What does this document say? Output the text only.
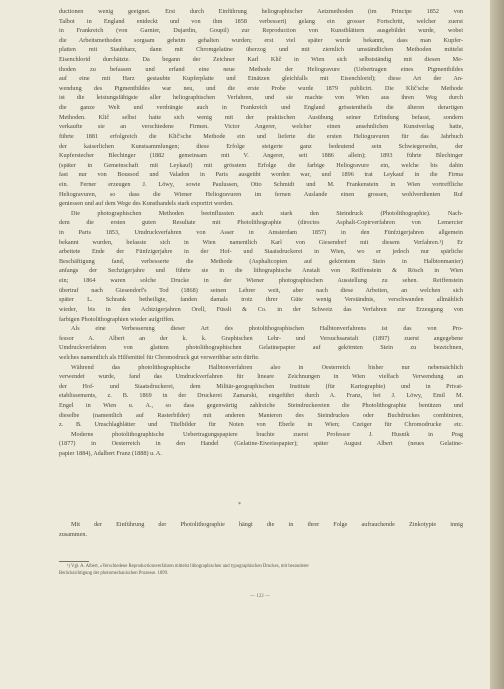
ductionen wenig geeignet. Erst durch Einführung heliographischer Aetzmethoden (im Principe 1852 von
Talbot in England entdeckt und von ihm 1858 verbessert) gelang ein grosser Fortschritt, welcher zuerst
in Frankreich (von Garnier, Dujardin, Goupil) zur Reproduction von Kunstblättern ausgebildet wurde, wobei
die Arbeitsmethoden sorgsam geheim gehalten wurden; erst viel später wurde bekannt, dass man Kupfer-
platten mit Staubharz, dann mit Chromgelatine überzog und mit ziemlich umständlichen Methoden mittelst
Eisenchlorid durchätzte. Da begann der Zeichner Karl Klič in Wien sich selbstständig mit diesen Me-
thoden zu befassen und erfand eine neue Methode der Heliogravure (Uebertragen eines Pigmentbildes
auf eine mit Harz gestaubte Kupferplatte und Einätzen gleichfalls mit Eisenchlorid); diese Art der An-
wendung des Pigmentbildes war neu, und die erste Probe wurde 1879 publicirt. Die Klič'sche Methode
ist die leistungsfähigste aller heliographischen Verfahren, und sie machte von Wien aus ihren Weg durch
die ganze Welt und verdrängte auch in Frankreich und England grösstentheils die älteren derartigen
Methoden. Klič selbst hatte sich wenig mit der praktischen Ausübung seiner Erfindung befasst, sondern
verkaufte sie an verschiedene Firmen. Victor Angerer, welcher einen ansehnlichen Kunstverlag hatte,
führte 1881 erfolgreich die Klič'sche Methode ein und lieferte die ersten Heliogravuren für das Jahrbuch
der kaiserlichen Kunstsammlungen; diese Erfolge steigerte ganz bedeutend sein Schwiegersohn, der
Kupferstecher Blechinger (1882 gemeinsam mit V. Angerer, seit 1886 allein); 1893 führte Blechinger
(später in Gemeinschaft mit Leykauf) mit grösstem Erfolge die farbige Heliogravure ein, welche bis dahin
fast nur von Boussod und Valadon in Paris ausgeübt worden war, und 1896 trat Leykauf in die Firma
ein. Ferner erzeugen J. Löwy, sowie Paulussen, Otto Schmidt und M. Frankenstein in Wien vortreffliche
Heliogravuren, so dass die Wiener Heliogravuren im fernen Auslande einen grossen, wohlverdienten Ruf
geniessen und auf dem Wege des Kunsthandels stark exportirt werden.
Die photographischen Methoden beeinflussten auch stark den Steindruck (Photolithographie). Nach-
dem die ersten guten Resultate mit Photolithographie (directes Asphalt-Copirverfahren von Lemercier
in Paris 1853, Umdruckverfahren von Asser in Amsterdam 1857) in den Fünfzigerjahren allgemein
bekannt wurden, befasste sich in Wien namentlich Karl von Giesendorf mit diesem Verfahren.¹) Er
arbeitete Ende der Fünfzigerjahre in der Hof- und Staatsdruckerei in Wien, wo er jedoch nur spärliche
Beschäftigung fand, verbesserte die Methode (Asphaltcopien auf gekörntem Stein in Halbtonmanier)
anfangs der Sechzigerjahre und führte sie in die lithographische Anstalt von Reiffenstein & Rösch in Wien
ein; 1864 waren solche Drucke in der Wiener photographischen Ausstellung zu sehen. Reiffenstein
übertraf nach Giesendorf's Tod (1868) seinen Lehrer weit, aber nach diese Arbeiten, an welchen sich
später L. Schrank betheiligte, fanden damals trotz ihrer Güte wenig Verständnis, verschwanden allmählich
wieder, bis in den Achtzigerjahren Orell, Füssli & Co. in der Schweiz das Verfahren zur Erzeugung von
farbigen Photolithographien wieder aufgriffen.
Als eine Verbesserung dieser Art des photolithographischen Halbtonverfahrens ist das von Pro-
fessor A. Albert an der k. k. Graphischen Lehr- und Versuchsanstalt (1897) zuerst angegebene
Umdruckverfahren von glattem photolithographischen Gelatinepapier auf gekörnten Stein zu bezeichnen,
welches namentlich als Hilfsmittel für Chromodruck gut verwerthbar sein dürfte.
Während das photolithographische Halbtonverfahren also in Oesterreich bisher nur nebensächlich
verwendet wurde, fand das Umdruckverfahren für lineare Zeichnungen in Wien vielfach Verwendung an
der Hof- und Staatsdruckerei, dem Militär-geographischen Institute (für Kartographie) und in Privat-
etablissements, z. B. 1869 in der Druckerei Zamarski, eingeführt durch A. Franz, bei J. Löwy, Emil M.
Engel in Wien u. A., so dass gegenwärtig zahlreiche Steindruckereien die Photolithographie benützen und
dieselbe (namentlich auf Rasterbilder) mit anderen Manieren des Steindruckes oder Buchdruckes combiniren,
z. B. Umschlagblätter und Titelbilder für Noten von Eberle in Wien; Czeiger für Chromodrucke etc.
Moderne photolithographische Uebertragungspapiere brachte zuerst Professor J. Husnik in Prag
(1877) in Oesterreich in den Handel (Gelatine-Eiweisspapier); später August Albert (neues Gelatine-
papier 1884), Adalbert Franz (1888) u. A.
*
Mit der Einführung der Photolithographie hängt die in ihrer Folge aufrauchende Zinkotypie innig
zusammen.
¹) Vgl. A. Albert, »Verschiedene Reproductionsverfahren mittelst lithographischen und typographischen Druckes, mit besonderer
Berücksichtigung der photomechanischen Prozesse. 1899.
— 122 —
